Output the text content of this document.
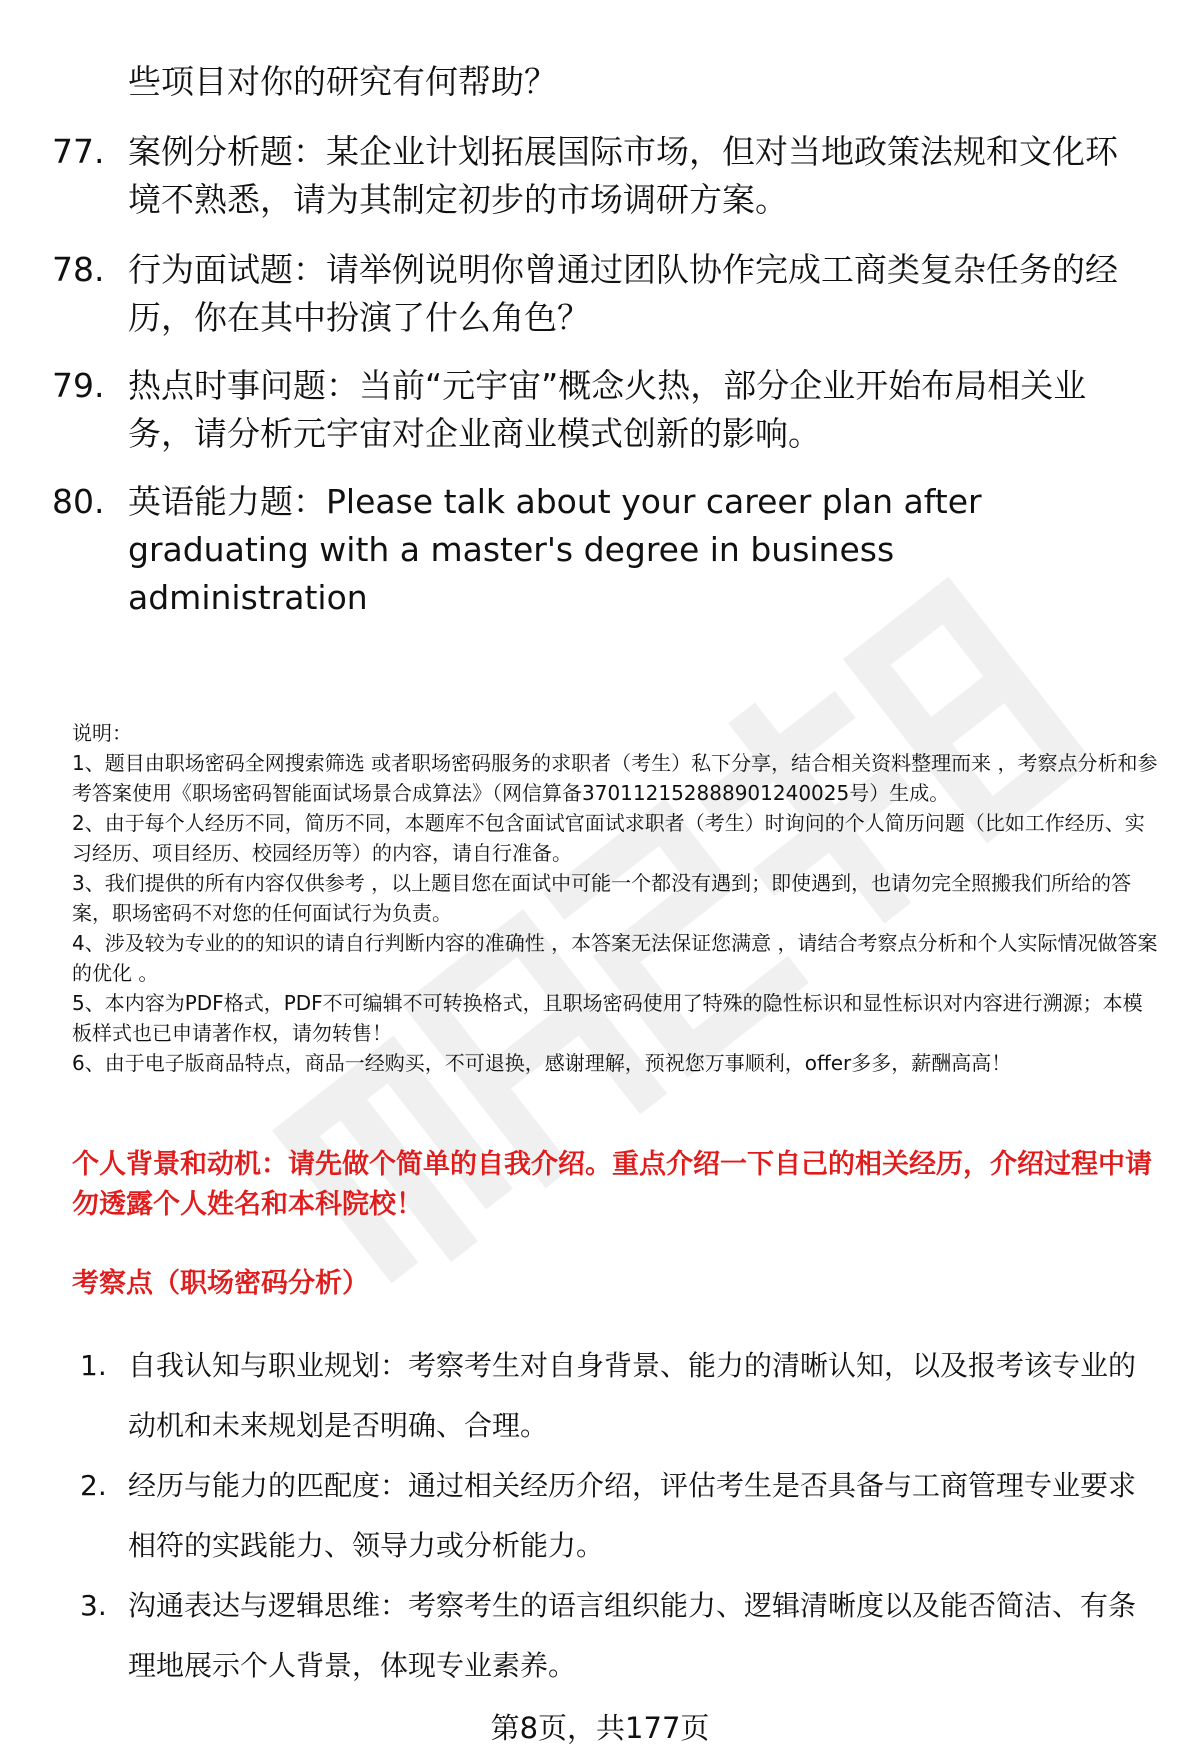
些项目对你的研究有何帮助？
77. 案例分析题：某企业计划拓展国际市场，但对当地政策法规和文化环境不熟悉，请为其制定初步的市场调研方案。
78. 行为面试题：请举例说明你曾通过团队协作完成工商类复杂任务的经历，你在其中扮演了什么角色？
79. 热点时事问题：当前“元宇宙”概念火热，部分企业开始布局相关业务，请分析元宇宙对企业商业模式创新的影响。
80. 英语能力题：Please talk about your career plan after graduating with a master's degree in business administration

说明：

1、题目由职场密码全网搜索筛选 或者职场密码服务的求职者（考生）私下分享，结合相关资料整理而来 ，考察点分析和参考答案使用《职场密码智能面试场景合成算法》（网信算备370112152888901240025号）生成。

2、由于每个人经历不同，简历不同，本题库不包含面试官面试求职者（考生）时询问的个人简历问题（比如工作经历、实习经历、项目经历、校园经历等）的内容，请自行准备。

3、我们提供的所有内容仅供参考 ，以上题目您在面试中可能一个都没有遇到；即使遇到，也请勿完全照搬我们所给的答案，职场密码不对您的任何面试行为负责。

4、涉及较为专业的的知识的请自行判断内容的准确性 ，本答案无法保证您满意 ，请结合考察点分析和个人实际情况做答案的优化 。

5、本内容为PDF格式，PDF不可编辑不可转换格式，且职场密码使用了特殊的隐性标识和显性标识对内容进行溯源；本模板样式也已申请著作权，请勿转售！

6、由于电子版商品特点，商品一经购买，不可退换，感谢理解，预祝您万事顺利，offer多多，薪酬高高！

个人背景和动机：请先做个简单的自我介绍。重点介绍一下自己的相关经历，介绍过程中请勿透露个人姓名和本科院校！
考察点（职场密码分析）
1. 自我认知与职业规划：考察考生对自身背景、能力的清晰认知，以及报考该专业的动机和未来规划是否明确、合理。
2. 经历与能力的匹配度：通过相关经历介绍，评估考生是否具备与工商管理专业要求相符的实践能力、领导力或分析能力。
3. 沟通表达与逻辑思维：考察考生的语言组织能力、逻辑清晰度以及能否简洁、有条理地展示个人背景，体现专业素养。
第8页，共177页
